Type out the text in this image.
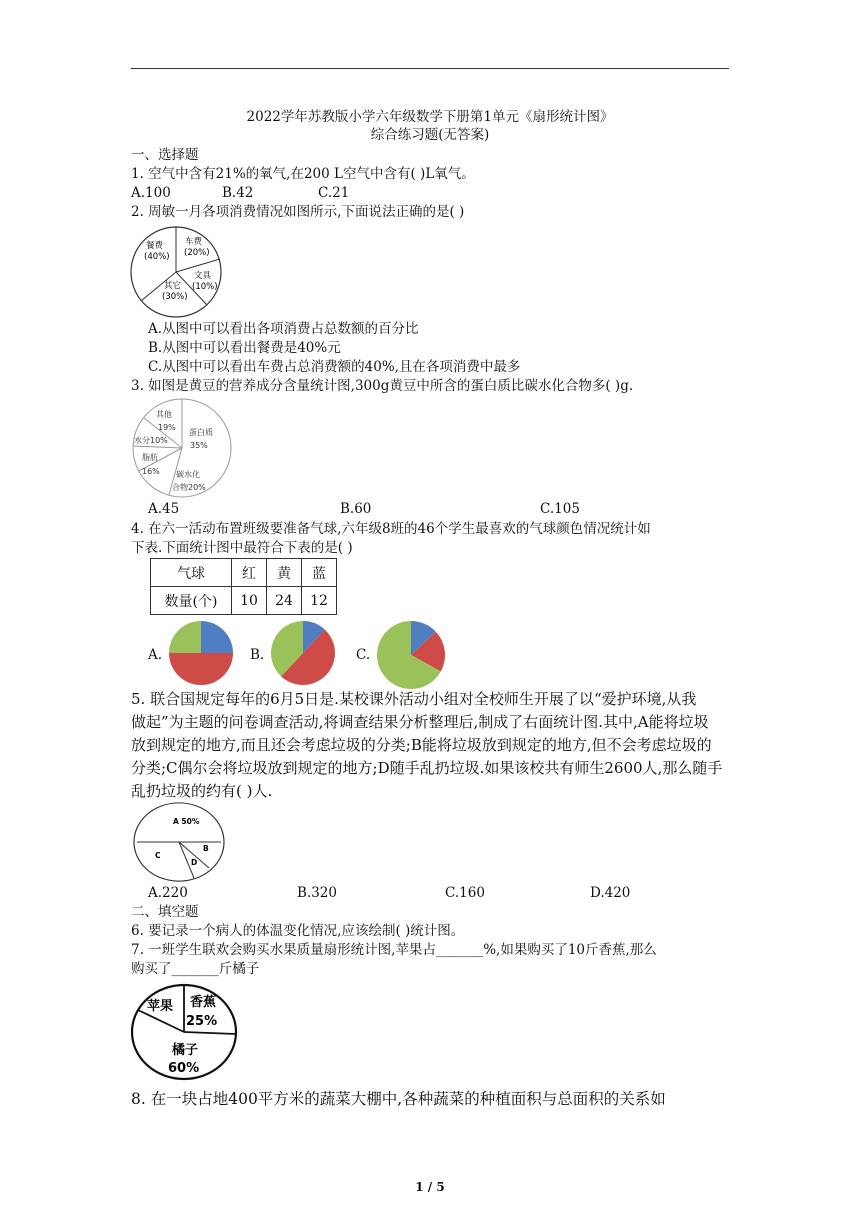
2022学年苏教版小学六年级数学下册第1单元《扇形统计图》
综合练习题(无答案)
一、选择题
1. 空气中含有21%的氧气,在200 L空气中含有( )L氧气。
A.100	B.42	C.21
2. 周敏一月各项消费情况如图所示,下面说法正确的是( )
餐费
(40%)
车费
(20%)
文具
(10%)
其它
(30%)
A.从图中可以看出各项消费占总数额的百分比
B.从图中可以看出餐费是40%元
C.从图中可以看出车费占总消费额的40%,且在各项消费中最多
3. 如图是黄豆的营养成分含量统计图,300g黄豆中所含的蛋白质比碳水化合物多( )g.
蛋白质
35%
其他
19%
水分10%
脂肪
16% 碳水化
合物20%
A.45	B.60	C.105
4. 在六一活动布置班级要准备气球,六年级8班的46个学生最喜欢的气球颜色情况统计如
下表.下面统计图中最符合下表的是( )
气球	红	黄	蓝
数量(个)	10	24	12
A.	B.	C.
5. 联合国规定每年的6月5日是.某校课外活动小组对全校师生开展了以“爱护环境,从我
做起”为主题的问卷调查活动,将调查结果分析整理后,制成了右面统计图.其中,A能将垃圾
放到规定的地方,而且还会考虑垃圾的分类;B能将垃圾放到规定的地方,但不会考虑垃圾的
分类;C偶尔会将垃圾放到规定的地方;D随手乱扔垃圾.如果该校共有师生2600人,那么随手
乱扔垃圾的约有( )人.
A 50%
B
C
D
A.220	B.320	C.160	D.420
二、填空题
6. 要记录一个病人的体温变化情况,应该绘制( )统计图。
7. 一班学生联欢会购买水果质量扇形统计图,苹果占_______%,如果购买了10斤香蕉,那么
购买了_______斤橘子
苹果 香蕉
25%
橘子
60%
8. 在一块占地400平方米的蔬菜大棚中,各种蔬菜的种植面积与总面积的关系如
1 / 5
